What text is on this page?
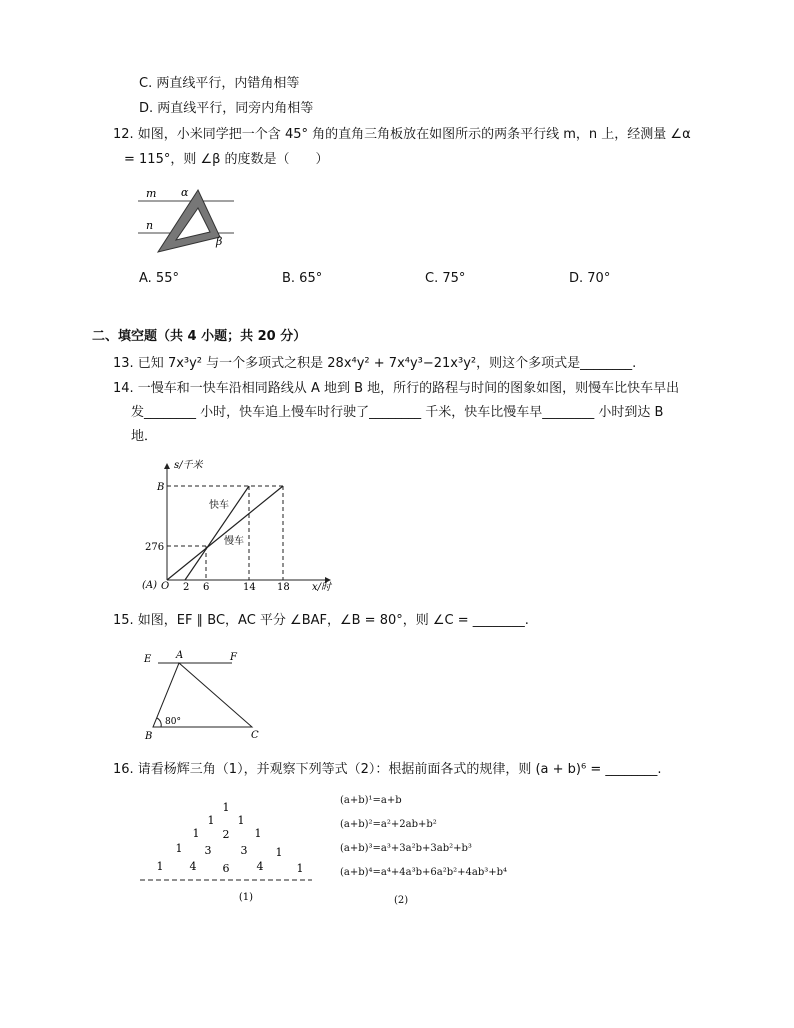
C. 两直线平行，内错角相等
D. 两直线平行，同旁内角相等
12. 如图，小米同学把一个含 45° 角的直角三角板放在如图所示的两条平行线 m，n 上，经测量 ∠α
= 115°，则 ∠β 的度数是（　　）
m
n
α
β
A. 55°	B. 65°	C. 75°	D. 70°
二、填空题（共 4 小题；共 20 分）
13. 已知 7x³y² 与一个多项式之积是 28x⁴y² + 7x⁴y³−21x³y²，则这个多项式是________.
14. 一慢车和一快车沿相同路线从 A 地到 B 地，所行的路程与时间的图象如图，则慢车比快车早出
发________ 小时，快车追上慢车时行驶了________ 千米，快车比慢车早________ 小时到达 B
地．
s/千米
B
276
(A) O 2 6	14 18 x/时
快车
慢车
15. 如图，EF ∥ BC，AC 平分 ∠BAF，∠B = 80°，则 ∠C = ________.
E A	F
B	C
80°
16. 请看杨辉三角（1），并观察下列等式（2）：根据前面各式的规律，则 (a + b)⁶ = ________.
1
1 1
1 2 1
1 3	3	1
1 4 6 4	1
(1)
(a+b)¹=a+b
(a+b)²=a²+2ab+b²
(a+b)³=a³+3a²b+3ab²+b³
(a+b)⁴=a⁴+4a³b+6a²b²+4ab³+b⁴
(2)
